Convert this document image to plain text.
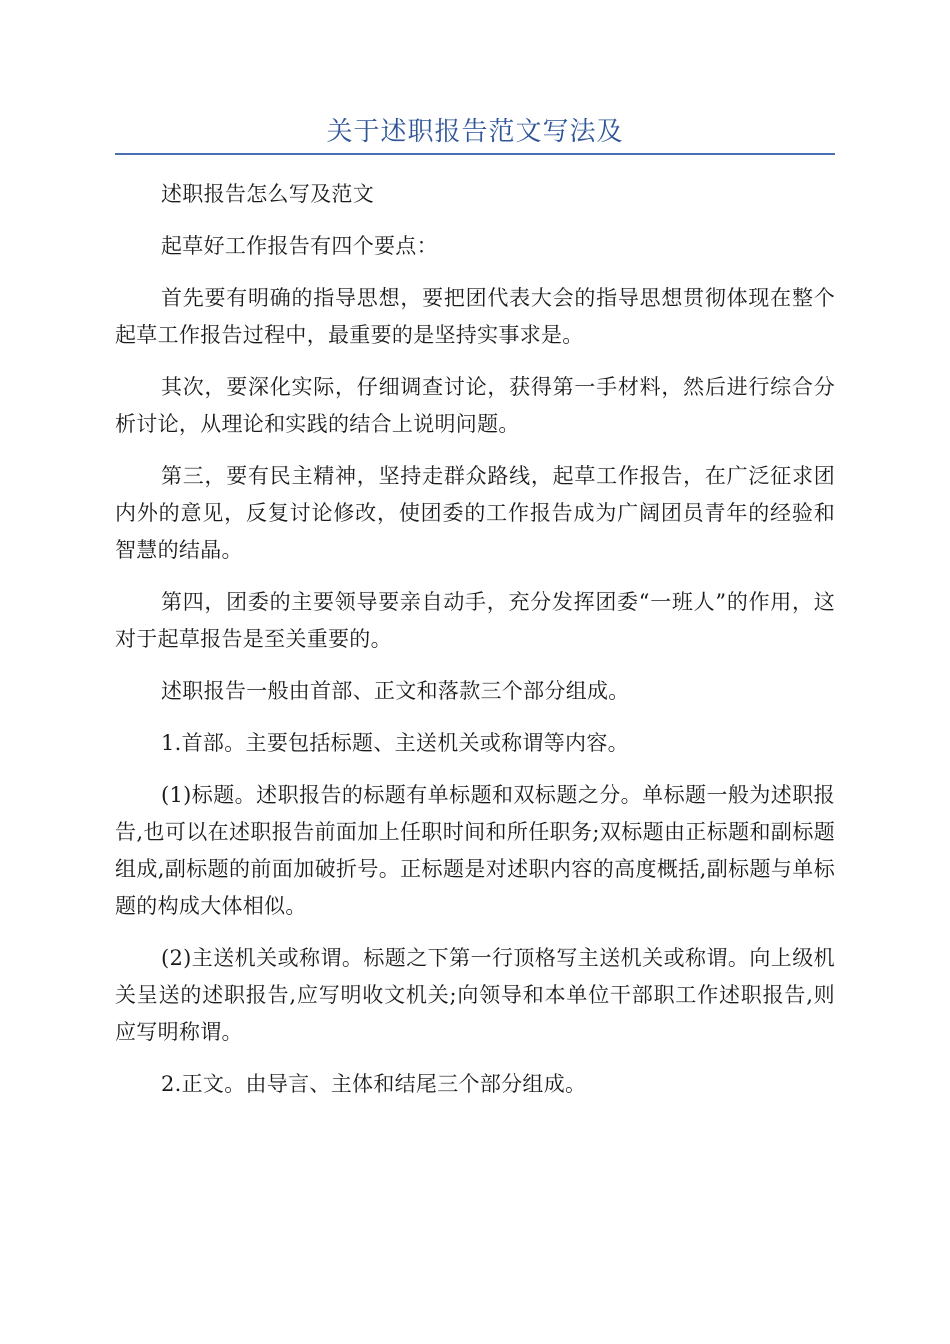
关于述职报告范文写法及

述职报告怎么写及范文

起草好工作报告有四个要点：

首先要有明确的指导思想，要把团代表大会的指导思想贯彻体现在整个起草工作报告过程中，最重要的是坚持实事求是。

其次，要深化实际，仔细调查讨论，获得第一手材料，然后进行综合分析讨论，从理论和实践的结合上说明问题。

第三，要有民主精神，坚持走群众路线，起草工作报告，在广泛征求团内外的意见，反复讨论修改，使团委的工作报告成为广阔团员青年的经验和智慧的结晶。

第四，团委的主要领导要亲自动手，充分发挥团委“一班人”的作用，这对于起草报告是至关重要的。

述职报告一般由首部、正文和落款三个部分组成。

1.首部。主要包括标题、主送机关或称谓等内容。

(1)标题。述职报告的标题有单标题和双标题之分。单标题一般为述职报告,也可以在述职报告前面加上任职时间和所任职务;双标题由正标题和副标题组成,副标题的前面加破折号。正标题是对述职内容的高度概括,副标题与单标题的构成大体相似。

(2)主送机关或称谓。标题之下第一行顶格写主送机关或称谓。向上级机关呈送的述职报告,应写明收文机关;向领导和本单位干部职工作述职报告,则应写明称谓。

2.正文。由导言、主体和结尾三个部分组成。
